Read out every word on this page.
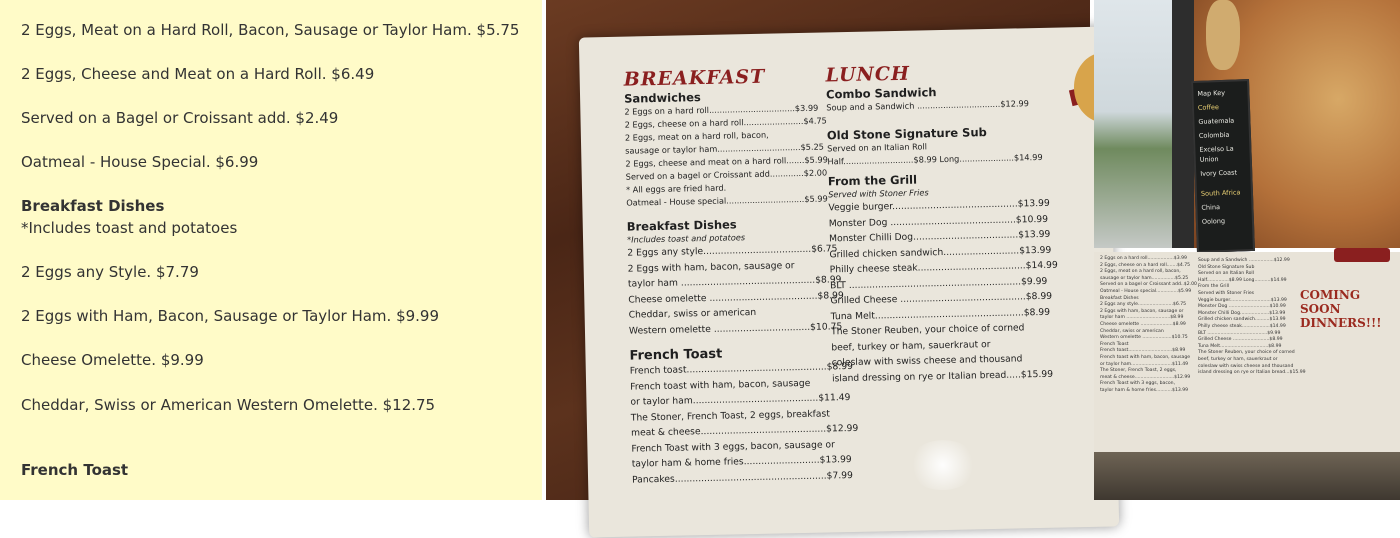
2 Eggs, Meat on a Hard Roll, Bacon, Sausage or Taylor Ham. $5.75
2 Eggs, Cheese and Meat on a Hard Roll. $6.49
Served on a Bagel or Croissant add. $2.49
Oatmeal - House Special. $6.99
Breakfast Dishes
*Includes toast and potatoes
2 Eggs any Style. $7.79
2 Eggs with Ham, Bacon, Sausage or Taylor Ham. $9.99
Cheese Omelette. $9.99
Cheddar, Swiss or American Western Omelette. $12.75
French Toast
BREAKFAST
Sandwiches
2 Eggs on a hard roll.................................$3.99
2 Eggs, cheese on a hard roll.......................$4.75
2 Eggs, meat on a hard roll, bacon,
sausage or taylor ham................................$5.25
2 Eggs, cheese and meat on a hard roll.......$5.99
Served on a bagel or Croissant add.............$2.00
* All eggs are fried hard.
Oatmeal - House special..............................$5.99
Breakfast Dishes
*Includes toast and potatoes
2 Eggs any style.....................................$6.75
2 Eggs with ham, bacon, sausage or
taylor ham ..............................................$8.99
Cheese omelette .....................................$8.99
Cheddar, swiss or american
Western omelette .................................$10.75
French Toast
French toast................................................$8.99
French toast with ham, bacon, sausage
or taylor ham...........................................$11.49
The Stoner, French Toast, 2 eggs, breakfast
meat & cheese...........................................$12.99
French Toast with 3 eggs, bacon, sausage or
taylor ham & home fries..........................$13.99
Pancakes....................................................$7.99
LUNCH
Combo Sandwich
Soup and a Sandwich ................................$12.99
Old Stone Signature Sub
Served on an Italian Roll
Half...........................$8.99 Long.....................$14.99
From the Grill
Served with Stoner Fries
Veggie burger...........................................$13.99
Monster Dog ...........................................$10.99
Monster Chilli Dog....................................$13.99
Grilled chicken sandwich..........................$13.99
Philly cheese steak.....................................$14.99
BLT ...........................................................$9.99
Grilled Cheese ...........................................$8.99
Tuna Melt...................................................$8.99
The Stoner Reuben, your choice of corned
beef, turkey or ham, sauerkraut or
coleslaw with swiss cheese and thousand
island dressing on rye or Italian bread.....$15.99
Map Key
Coffee
Guatemala
Colombia
Excelso La Union
Ivory Coast
South Africa
China
Oolong
2 Eggs on a hard roll..................$3.99
2 Eggs, cheese on a hard roll.......$4.75
2 Eggs, meat on a hard roll, bacon,
sausage or taylor ham................$5.25
Served on a bagel or Croissant add..$2.00
Oatmeal - House special...............$5.99
Breakfast Dishes
2 Eggs any style........................$6.75
2 Eggs with ham, bacon, sausage or
taylor ham ..............................$8.99
Cheese omelette ......................$8.99
Cheddar, swiss or american
Western omelette ....................$10.75
French Toast
French toast..............................$8.99
French toast with ham, bacon, sausage
or taylor ham............................$11.49
The Stoner, French Toast, 2 eggs,
meat & cheese...........................$12.99
French Toast with 3 eggs, bacon,
taylor ham & home fries...........$13.99
Soup and a Sandwich .................$12.99
Old Stone Signature Sub
Served on an Italian Roll
Half...............$8.99 Long...........$14.99
From the Grill
Served with Stoner Fries
Veggie burger............................$13.99
Monster Dog ............................$10.99
Monster Chilli Dog....................$13.99
Grilled chicken sandwich..........$13.99
Philly cheese steak...................$14.99
BLT .........................................$9.99
Grilled Cheese .........................$8.99
Tuna Melt.................................$8.99
The Stoner Reuben, your choice of corned
beef, turkey or ham, sauerkraut or
coleslaw with swiss cheese and thousand
island dressing on rye or Italian bread...$15.99
COMING
SOON
DINNERS!!!
